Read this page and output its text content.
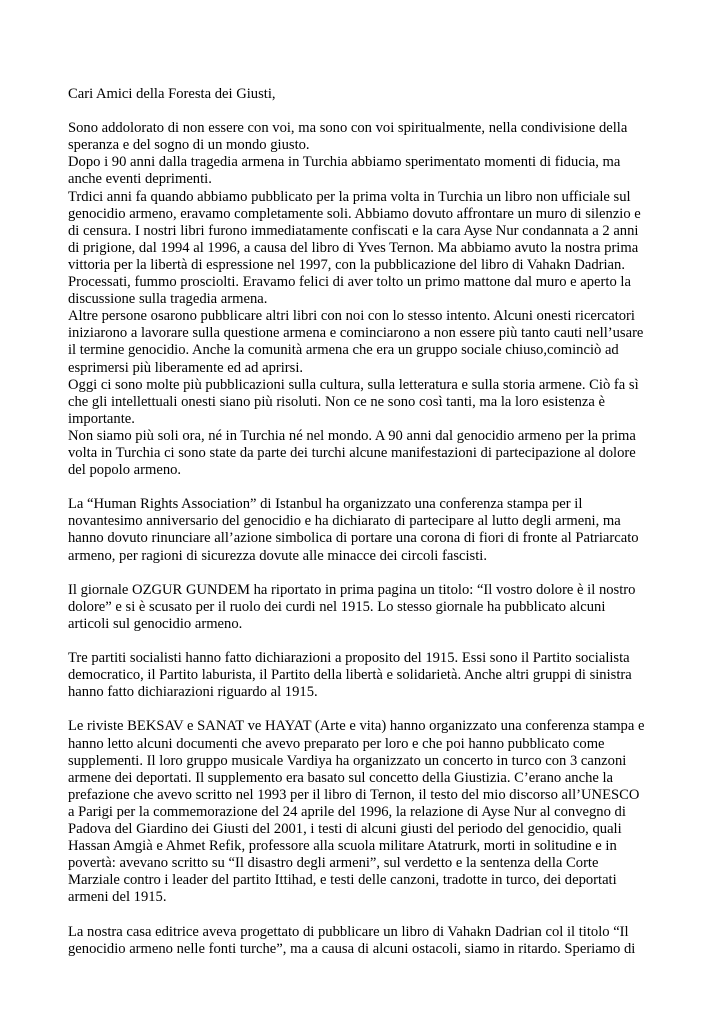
Cari Amici della Foresta dei Giusti,

Sono addolorato di non essere con voi, ma sono con voi spiritualmente, nella condivisione della speranza e del sogno di un mondo giusto.

Dopo i 90 anni dalla tragedia armena in Turchia abbiamo sperimentato momenti di fiducia, ma anche eventi deprimenti.

Trdici anni fa quando abbiamo pubblicato per la prima volta in Turchia un libro non ufficiale sul genocidio armeno, eravamo completamente soli. Abbiamo dovuto affrontare un muro di silenzio e di censura. I nostri libri furono immediatamente confiscati e la cara Ayse Nur condannata a 2 anni di prigione, dal 1994 al 1996, a causa del libro di Yves Ternon. Ma abbiamo avuto la nostra prima vittoria per la libertà di espressione nel 1997, con la pubblicazione del libro di Vahakn Dadrian. Processati, fummo prosciolti. Eravamo felici di aver tolto un primo mattone dal muro e aperto la discussione sulla tragedia armena.

Altre persone osarono pubblicare altri libri con noi con lo stesso intento. Alcuni onesti ricercatori iniziarono a lavorare sulla questione armena e cominciarono a non essere più tanto cauti nell’usare il termine genocidio. Anche la comunità armena che era un gruppo sociale chiuso,cominciò ad esprimersi più liberamente ed ad aprirsi.

Oggi ci sono molte più pubblicazioni sulla cultura, sulla letteratura e sulla storia armene. Ciò fa sì che gli intellettuali onesti siano più risoluti. Non ce ne sono così tanti, ma la loro esistenza è importante.

Non siamo più soli ora, né in Turchia né nel mondo. A 90 anni dal genocidio armeno per la prima volta in Turchia ci sono state da parte dei turchi alcune manifestazioni di partecipazione al dolore del popolo armeno.

La “Human Rights Association” di Istanbul ha organizzato una conferenza stampa per il novantesimo anniversario del genocidio e ha dichiarato di partecipare al lutto degli armeni, ma hanno dovuto rinunciare all’azione simbolica di portare una corona di fiori di fronte al Patriarcato armeno, per ragioni di sicurezza dovute alle minacce dei circoli fascisti.

Il giornale OZGUR GUNDEM ha riportato in prima pagina un titolo: “Il vostro dolore è il nostro dolore” e si è scusato per il ruolo dei curdi nel 1915. Lo stesso giornale ha pubblicato alcuni articoli sul genocidio armeno.

Tre partiti socialisti hanno fatto dichiarazioni a proposito del 1915. Essi sono il Partito socialista democratico, il Partito laburista, il Partito della libertà e solidarietà. Anche altri gruppi di sinistra hanno fatto dichiarazioni riguardo al 1915.

Le riviste BEKSAV e SANAT ve HAYAT (Arte e vita) hanno organizzato una conferenza stampa e hanno letto alcuni documenti che avevo preparato per loro e che poi hanno pubblicato come supplementi. Il loro gruppo musicale Vardiya ha organizzato un concerto in turco con 3 canzoni armene dei deportati. Il supplemento era basato sul concetto della Giustizia. C’erano anche la prefazione che avevo scritto nel 1993 per il libro di Ternon, il testo del mio discorso all’UNESCO a Parigi per la commemorazione del 24 aprile del 1996, la relazione di Ayse Nur al convegno di Padova del Giardino dei Giusti del 2001, i testi di alcuni giusti del periodo del genocidio, quali Hassan Amgià e Ahmet Refik, professore alla scuola militare Atatrurk, morti in solitudine e in povertà: avevano scritto su “Il disastro degli armeni”, sul verdetto e la sentenza della Corte Marziale contro i leader del partito Ittihad, e testi delle canzoni, tradotte in turco, dei deportati armeni del 1915.

La nostra casa editrice aveva progettato di pubblicare un libro di Vahakn Dadrian col il titolo “Il genocidio armeno nelle fonti turche”, ma a causa di alcuni ostacoli, siamo in ritardo. Speriamo di
